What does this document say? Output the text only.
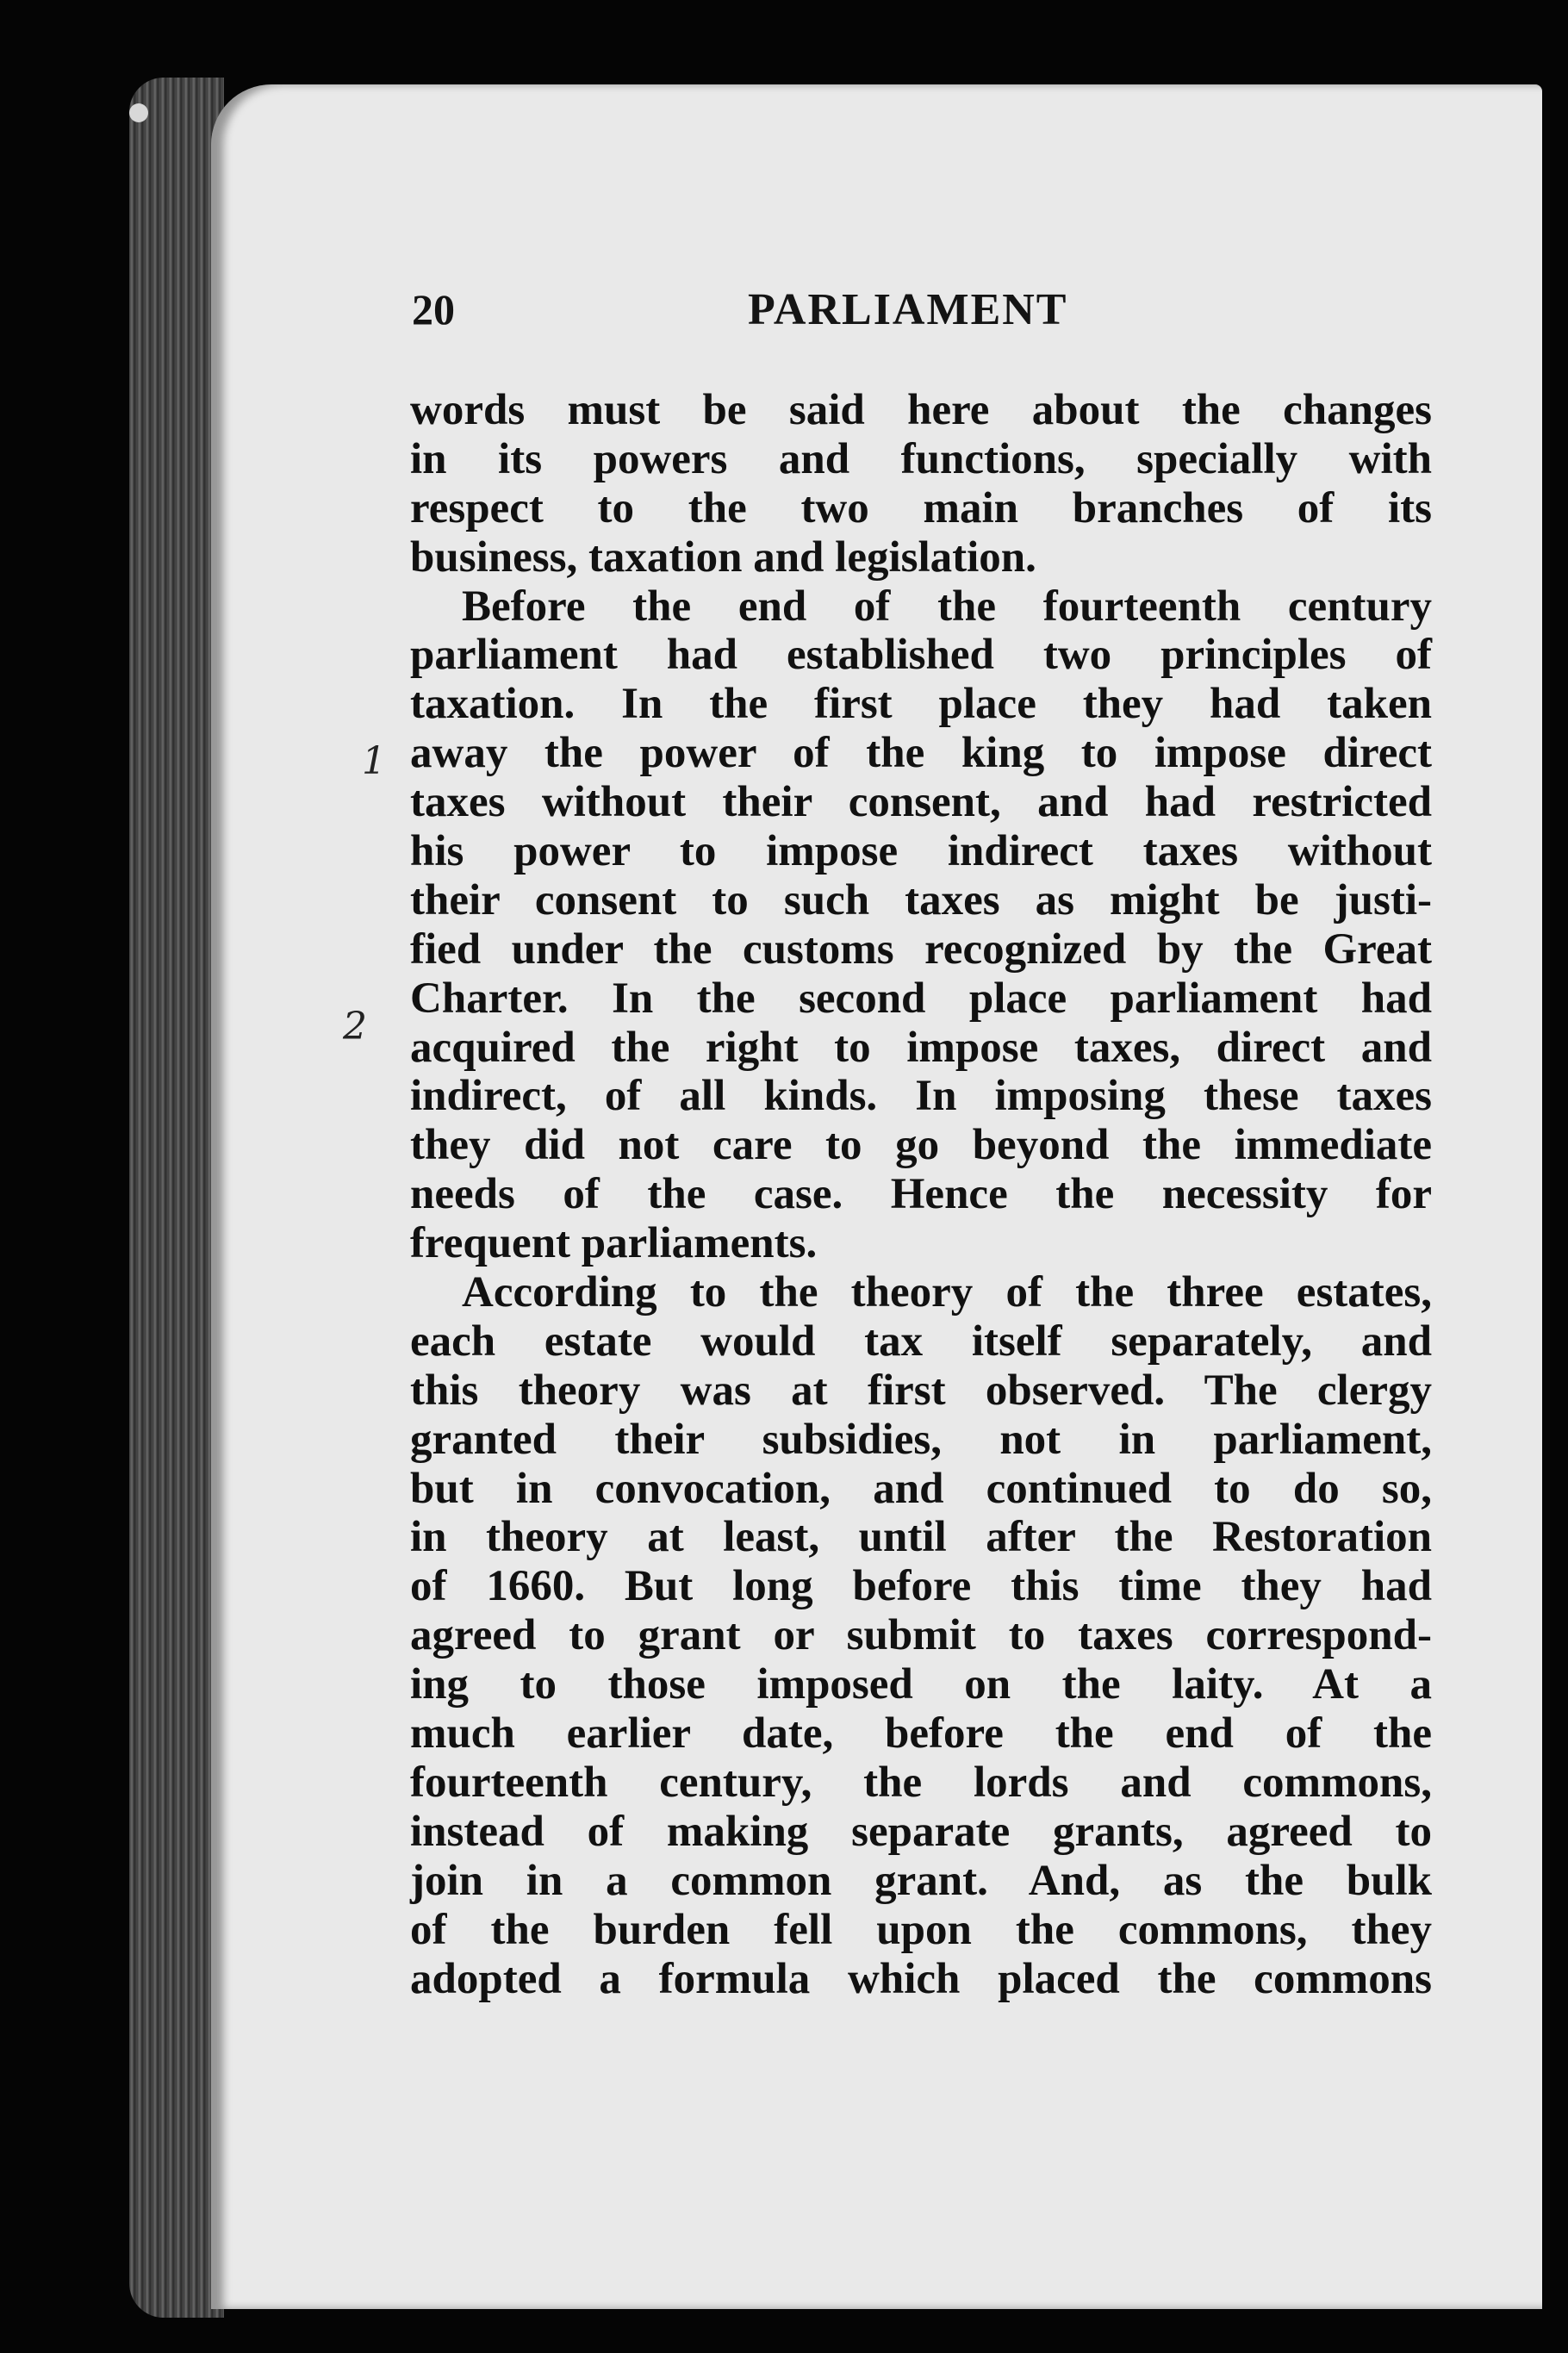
20	PARLIAMENT
1
2
words must be said here about the changes
in its powers and functions, specially with
respect to the two main branches of its
business, taxation and legislation.
Before the end of the fourteenth century
parliament had established two principles of
taxation. In the first place they had taken
away the power of the king to impose direct
taxes without their consent, and had restricted
his power to impose indirect taxes without
their consent to such taxes as might be justi-
fied under the customs recognized by the Great
Charter. In the second place parliament had
acquired the right to impose taxes, direct and
indirect, of all kinds. In imposing these taxes
they did not care to go beyond the immediate
needs of the case. Hence the necessity for
frequent parliaments.
According to the theory of the three estates,
each estate would tax itself separately, and
this theory was at first observed. The clergy
granted their subsidies, not in parliament,
but in convocation, and continued to do so,
in theory at least, until after the Restoration
of 1660. But long before this time they had
agreed to grant or submit to taxes correspond-
ing to those imposed on the laity. At a
much earlier date, before the end of the
fourteenth century, the lords and commons,
instead of making separate grants, agreed to
join in a common grant. And, as the bulk
of the burden fell upon the commons, they
adopted a formula which placed the commons
